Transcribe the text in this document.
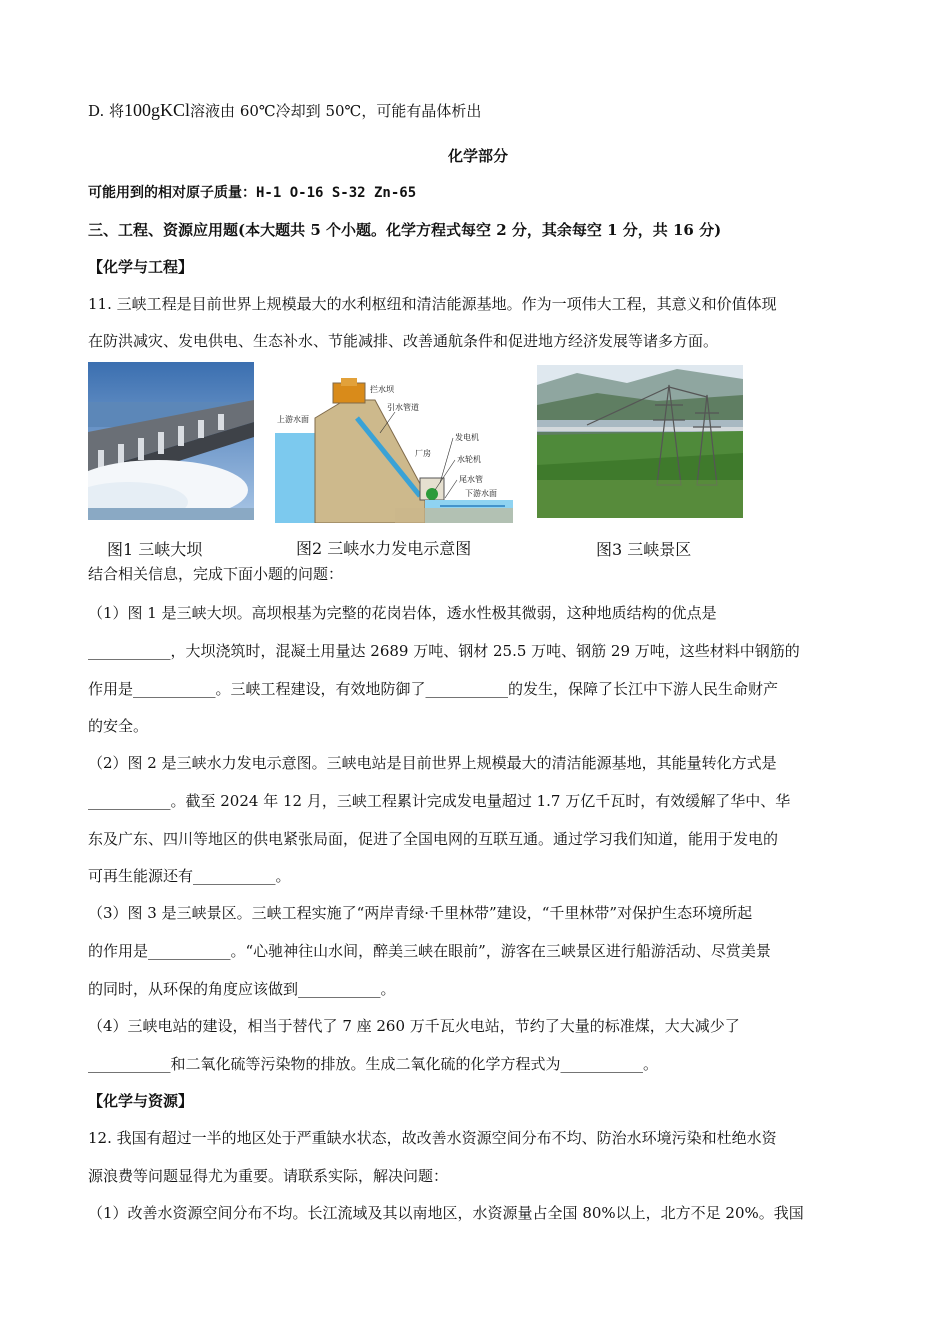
D. 将100gKCl溶液由 60℃冷却到 50℃，可能有晶体析出
化学部分
可能用到的相对原子质量：H-1 O-16 S-32 Zn-65
三、工程、资源应用题(本大题共 5 个小题。化学方程式每空 2 分，其余每空 1 分，共 16 分)
【化学与工程】
11. 三峡工程是目前世界上规模最大的水利枢纽和清洁能源基地。作为一项伟大工程，其意义和价值体现
在防洪减灾、发电供电、生态补水、节能减排、改善通航条件和促进地方经济发展等诸多方面。
上游水面
拦水坝
引水管道
发电机
厂房
水轮机
尾水管
下游水面
图1 三峡大坝	图2 三峡水力发电示意图	图3 三峡景区
结合相关信息，完成下面小题的问题：
（1）图 1 是三峡大坝。高坝根基为完整的花岗岩体，透水性极其微弱，这种地质结构的优点是
___________，大坝浇筑时，混凝土用量达 2689 万吨、钢材 25.5 万吨、钢筋 29 万吨，这些材料中钢筋的
作用是___________。三峡工程建设，有效地防御了___________的发生，保障了长江中下游人民生命财产
的安全。
（2）图 2 是三峡水力发电示意图。三峡电站是目前世界上规模最大的清洁能源基地，其能量转化方式是
___________。截至 2024 年 12 月，三峡工程累计完成发电量超过 1.7 万亿千瓦时，有效缓解了华中、华
东及广东、四川等地区的供电紧张局面，促进了全国电网的互联互通。通过学习我们知道，能用于发电的
可再生能源还有___________。
（3）图 3 是三峡景区。三峡工程实施了“两岸青绿·千里林带”建设，“千里林带”对保护生态环境所起
的作用是___________。“心驰神往山水间，醉美三峡在眼前”，游客在三峡景区进行船游活动、尽赏美景
的同时，从环保的角度应该做到___________。
（4）三峡电站的建设，相当于替代了 7 座 260 万千瓦火电站，节约了大量的标准煤，大大减少了
___________和二氧化硫等污染物的排放。生成二氧化硫的化学方程式为___________。
【化学与资源】
12. 我国有超过一半的地区处于严重缺水状态，故改善水资源空间分布不均、防治水环境污染和杜绝水资
源浪费等问题显得尤为重要。请联系实际，解决问题：
（1）改善水资源空间分布不均。长江流域及其以南地区，水资源量占全国 80%以上，北方不足 20%。我国
